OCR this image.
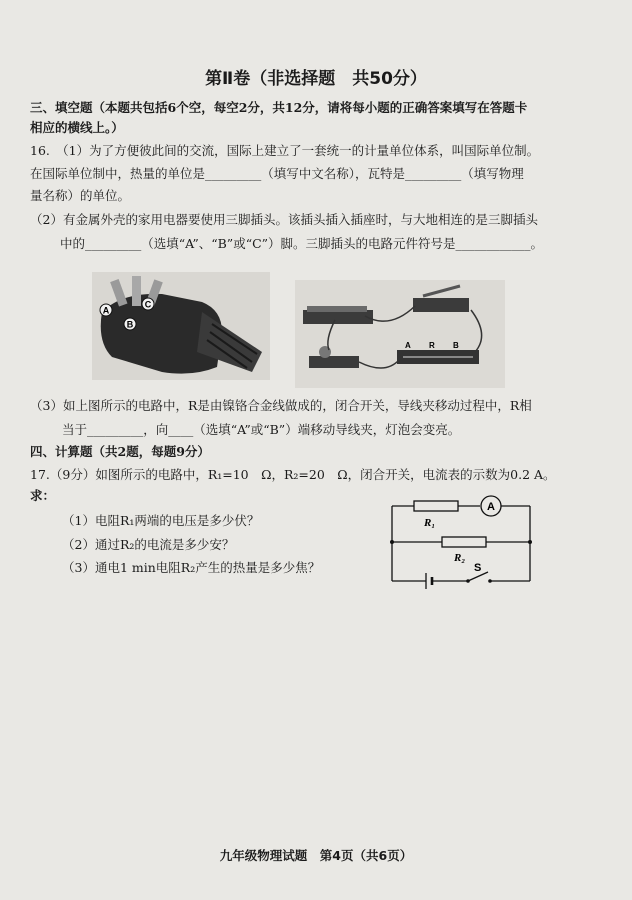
第Ⅱ卷（非选择题　共50分）
三、填空题（本题共包括6个空，每空2分，共12分，请将每小题的正确答案填写在答题卡
相应的横线上。）
16.　（1）为了方便彼此间的交流，国际上建立了一套统一的计量单位体系，叫国际单位制。
在国际单位制中，热量的单位是_________（填写中文名称），瓦特是_________（填写物理
量名称）的单位。
（2）有金属外壳的家用电器要使用三脚插头。该插头插入插座时，与大地相连的是三脚插头
中的_________（选填“A”、“B”或“C”）脚。三脚插头的电路元件符号是____________。
A
B
C
A R B
（3）如上图所示的电路中，R是由镍铬合金线做成的，闭合开关，导线夹移动过程中，R相
当于_________，向____（选填“A”或“B”）端移动导线夹，灯泡会变亮。
四、计算题（共2题，每题9分）
17.（9分）如图所示的电路中，R₁=10　Ω，R₂=20　Ω，闭合开关，电流表的示数为0.2 A。
求：
（1）电阻R₁两端的电压是多少伏？
（2）通过R₂的电流是多少安？
（3）通电1 min电阻R₂产生的热量是多少焦？
A
R₁
R₂
S
九年级物理试题　第4页（共6页）
